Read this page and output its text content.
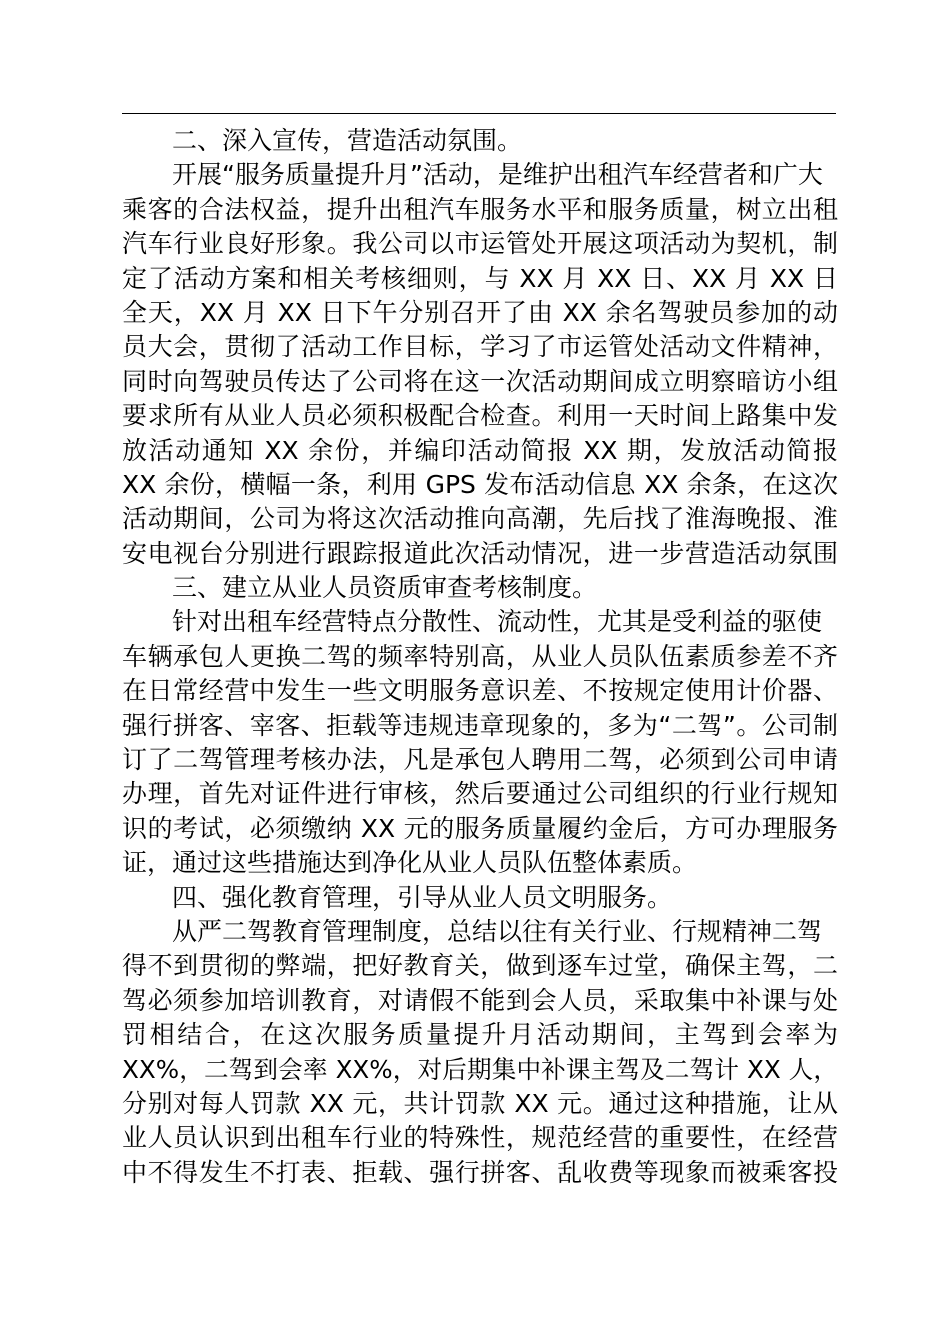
二、深入宣传，营造活动氛围。
开展“服务质量提升月”活动，是维护出租汽车经营者和广大
乘客的合法权益，提升出租汽车服务水平和服务质量，树立出租
汽车行业良好形象。我公司以市运管处开展这项活动为契机，制
定了活动方案和相关考核细则，与 XX 月 XX 日、XX 月 XX 日
全天，XX 月 XX 日下午分别召开了由 XX 余名驾驶员参加的动
员大会，贯彻了活动工作目标，学习了市运管处活动文件精神，
同时向驾驶员传达了公司将在这一次活动期间成立明察暗访小组
要求所有从业人员必须积极配合检查。利用一天时间上路集中发
放活动通知 XX 余份，并编印活动简报 XX 期，发放活动简报
XX 余份，横幅一条，利用 GPS 发布活动信息 XX 余条，在这次
活动期间，公司为将这次活动推向高潮，先后找了淮海晚报、淮
安电视台分别进行跟踪报道此次活动情况，进一步营造活动氛围
三、建立从业人员资质审查考核制度。
针对出租车经营特点分散性、流动性，尤其是受利益的驱使
车辆承包人更换二驾的频率特别高，从业人员队伍素质参差不齐
在日常经营中发生一些文明服务意识差、不按规定使用计价器、
强行拼客、宰客、拒载等违规违章现象的，多为“二驾”。公司制
订了二驾管理考核办法，凡是承包人聘用二驾，必须到公司申请
办理，首先对证件进行审核，然后要通过公司组织的行业行规知
识的考试，必须缴纳 XX 元的服务质量履约金后，方可办理服务
证，通过这些措施达到净化从业人员队伍整体素质。
四、强化教育管理，引导从业人员文明服务。
从严二驾教育管理制度，总结以往有关行业、行规精神二驾
得不到贯彻的弊端，把好教育关，做到逐车过堂，确保主驾，二
驾必须参加培训教育，对请假不能到会人员，采取集中补课与处
罚相结合，在这次服务质量提升月活动期间，主驾到会率为
XX%，二驾到会率 XX%，对后期集中补课主驾及二驾计 XX 人，
分别对每人罚款 XX 元，共计罚款 XX 元。通过这种措施，让从
业人员认识到出租车行业的特殊性，规范经营的重要性，在经营
中不得发生不打表、拒载、强行拼客、乱收费等现象而被乘客投
